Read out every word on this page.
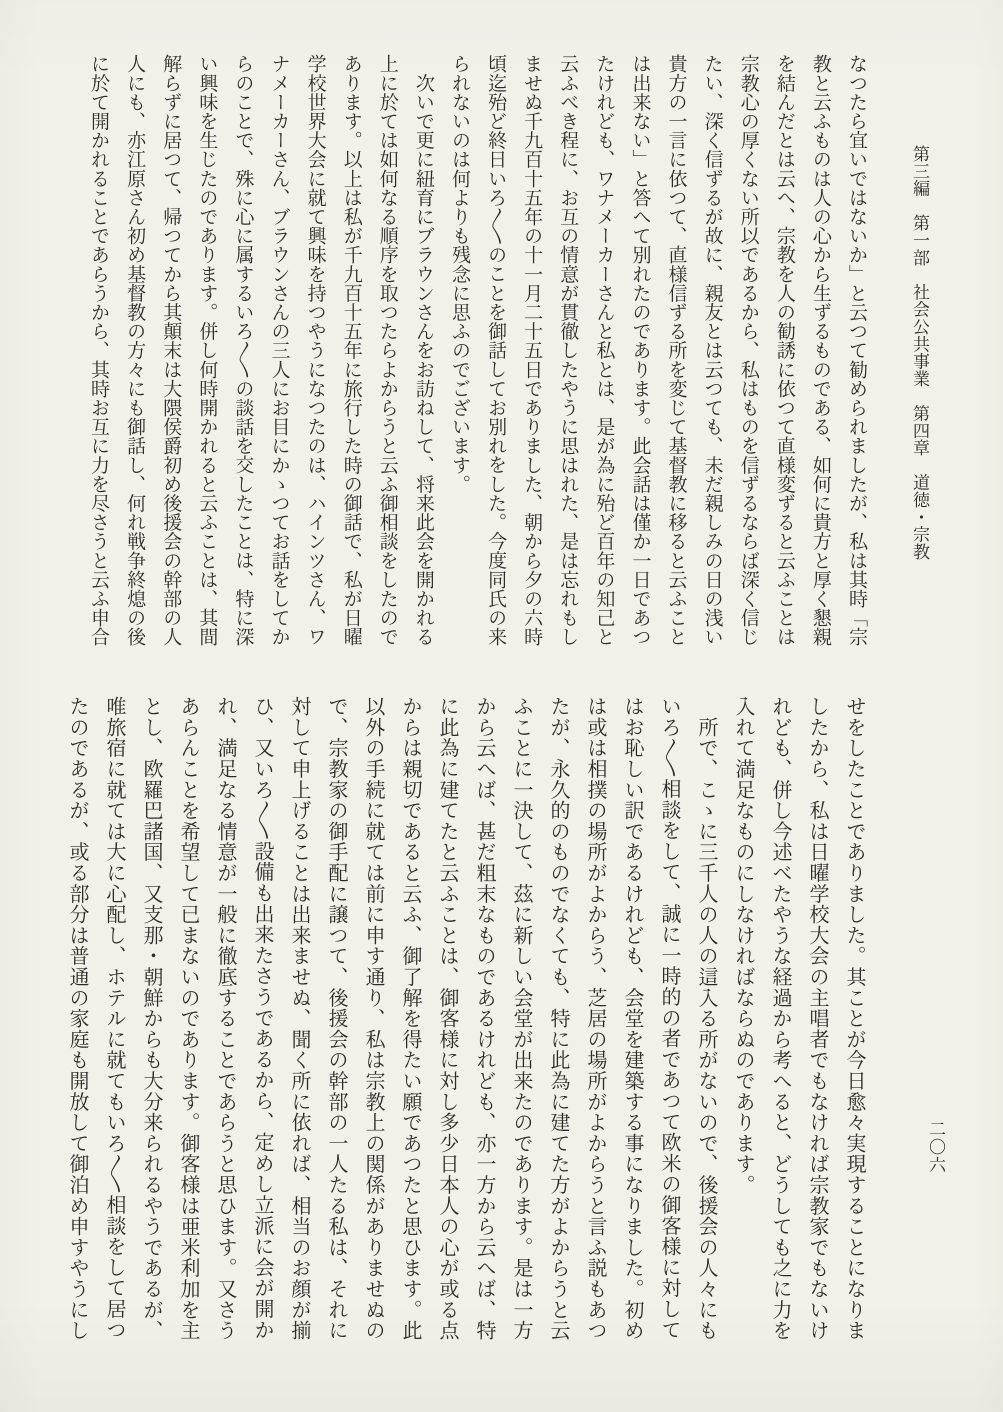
第三編　第一部　社会公共事業　第四章　道徳・宗教

なつたら宜いではないか」と云つて勧められましたが、私は其時「宗

教と云ふものは人の心から生ずるものである、如何に貴方と厚く懇親

を結んだとは云へ、宗教を人の勧誘に依つて直様変ずると云ふことは

宗教心の厚くない所以であるから、私はものを信ずるならば深く信じ

たい、深く信ずるが故に、親友とは云つても、未だ親しみの日の浅い

貴方の一言に依つて、直様信ずる所を変じて基督教に移ると云ふこと

は出来ない」と答へて別れたのであります。此会話は僅か一日であつ

たけれども、ワナメーカーさんと私とは、是が為に殆ど百年の知己と

云ふべき程に、お互の情意が貫徹したやうに思はれた、是は忘れもし

ませぬ千九百十五年の十一月二十五日でありました、朝から夕の六時

頃迄殆ど終日いろ〱のことを御話してお別れをした。今度同氏の来

られないのは何よりも残念に思ふのでございます。

　次いで更に紐育にブラウンさんをお訪ねして、将来此会を開かれる

上に於ては如何なる順序を取つたらよからうと云ふ御相談をしたので

あります。以上は私が千九百十五年に旅行した時の御話で、私が日曜

学校世界大会に就て興味を持つやうになつたのは、ハインツさん、ワ

ナメーカーさん、ブラウンさんの三人にお目にかゝつてお話をしてか

らのことで、殊に心に属するいろ〱の談話を交したことは、特に深

い興味を生じたのであります。併し何時開かれると云ふことは、其間

解らずに居つて、帰つてから其顛末は大隈侯爵初め後援会の幹部の人

人にも、亦江原さん初め基督教の方々にも御話し、何れ戦争終熄の後

に於て開かれることであらうから、其時お互に力を尽さうと云ふ申合

せをしたことでありました。其ことが今日愈々実現することになりま

したから、私は日曜学校大会の主唱者でもなければ宗教家でもないけ

れども、併し今述べたやうな経過から考へると、どうしても之に力を

入れて満足なものにしなければならぬのであります。

　所で、こゝに三千人の人の這入る所がないので、後援会の人々にも

いろ〱相談をして、誠に一時的の者であつて欧米の御客様に対して

はお恥しい訳であるけれども、会堂を建築する事になりました。初め

は或は相撲の場所がよからう、芝居の場所がよからうと言ふ説もあつ

たが、永久的のものでなくても、特に此為に建てた方がよからうと云

ふことに一決して、茲に新しい会堂が出来たのであります。是は一方

から云へば、甚だ粗末なものであるけれども、亦一方から云へば、特

に此為に建てたと云ふことは、御客様に対し多少日本人の心が或る点

からは親切であると云ふ、御了解を得たい願であつたと思ひます。此

以外の手続に就ては前に申す通り、私は宗教上の関係がありませぬの

で、宗教家の御手配に譲つて、後援会の幹部の一人たる私は、それに

対して申上げることは出来ませぬ、聞く所に依れば、相当のお顔が揃

ひ、又いろ〱設備も出来たさうであるから、定めし立派に会が開か

れ、満足なる情意が一般に徹底することであらうと思ひます。又さう

あらんことを希望して已まないのであります。御客様は亜米利加を主

とし、欧羅巴諸国、又支那・朝鮮からも大分来られるやうであるが、

唯旅宿に就ては大に心配し、ホテルに就てもいろ〱相談をして居つ

たのであるが、或る部分は普通の家庭も開放して御泊め申すやうにし	二〇六
